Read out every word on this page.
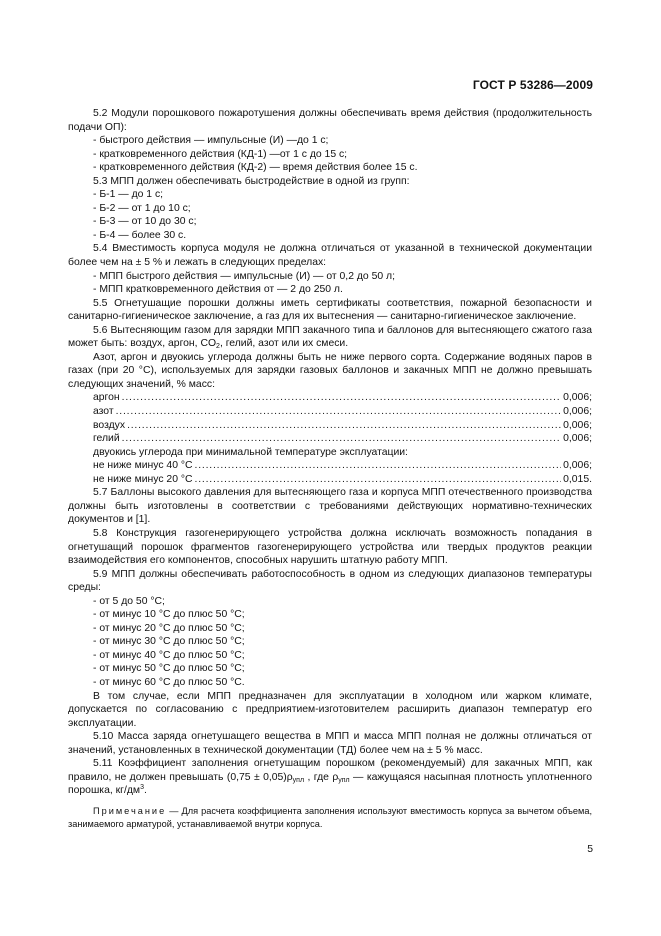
ГОСТ Р 53286—2009

5.2 Модули порошкового пожаротушения должны обеспечивать время действия (продолжительность подачи ОП):

- быстрого действия — импульсные (И) —до 1 с;
- кратковременного действия (КД-1) —от 1 с до 15 с;
- кратковременного действия (КД-2) — время действия более 15 с.

5.3 МПП должен обеспечивать быстродействие в одной из групп:

- Б-1 — до 1 с;
- Б-2 — от 1 до 10 с;
- Б-3 — от 10 до 30 с;
- Б-4 — более 30 с.

5.4 Вместимость корпуса модуля не должна отличаться от указанной в технической документации более чем на ± 5 % и лежать в следующих пределах:

- МПП быстрого действия — импульсные (И) — от 0,2 до 50 л;
- МПП кратковременного действия от — 2 до 250 л.

5.5 Огнетушащие порошки должны иметь сертификаты соответствия, пожарной безопасности и санитарно-гигиеническое заключение, а газ для их вытеснения — санитарно-гигиеническое заключение.

5.6 Вытесняющим газом для зарядки МПП закачного типа и баллонов для вытесняющего сжатого газа может быть: воздух, аргон, $CO_2$, гелий, азот или их смеси.

Азот, аргон и двуокись углерода должны быть не ниже первого сорта. Содержание водяных паров в газах (при 20 °С), используемых для зарядки газовых баллонов и закачных МПП не должно превышать следующих значений, % масс:

аргон .....	0,006;
азот .....	0,006;
воздух .....	0,006;
гелий .....	0,006;
двуокись углерода при минимальной температуре эксплуатации:
не ниже минус 40 °С .....	0,006;
не ниже минус 20 °С .....	0,015.

5.7 Баллоны высокого давления для вытесняющего газа и корпуса МПП отечественного производства должны быть изготовлены в соответствии с требованиями действующих нормативно-технических документов и [1].

5.8 Конструкция газогенерирующего устройства должна исключать возможность попадания в огнетушащий порошок фрагментов газогенерирующего устройства или твердых продуктов реакции взаимодействия его компонентов, способных нарушить штатную работу МПП.

5.9 МПП должны обеспечивать работоспособность в одном из следующих диапазонов температуры среды:

- от 5 до 50 °С;
- от минус 10 °С до плюс 50 °С;
- от минус 20 °С до плюс 50 °С;
- от минус 30 °С до плюс 50 °С;
- от минус 40 °С до плюс 50 °С;
- от минус 50 °С до плюс 50 °С;
- от минус 60 °С до плюс 50 °С.

В том случае, если МПП предназначен для эксплуатации в холодном или жарком климате, допускается по согласованию с предприятием-изготовителем расширить диапазон температур его эксплуатации.

5.10 Масса заряда огнетушащего вещества в МПП и масса МПП полная не должны отличаться от значений, установленных в технической документации (ТД) более чем на ± 5 % масс.

5.11 Коэффициент заполнения огнетушащим порошком (рекомендуемый) для закачных МПП, как правило, не должен превышать $(0,75 \pm 0,05)\rho_{упл}$ , где $\rho_{упл}$ — кажущаяся насыпная плотность уплотненного порошка, $кг/дм^3$.

Примечание — Для расчета коэффициента заполнения используют вместимость корпуса за вычетом объема, занимаемого арматурой, устанавливаемой внутри корпуса.

5
